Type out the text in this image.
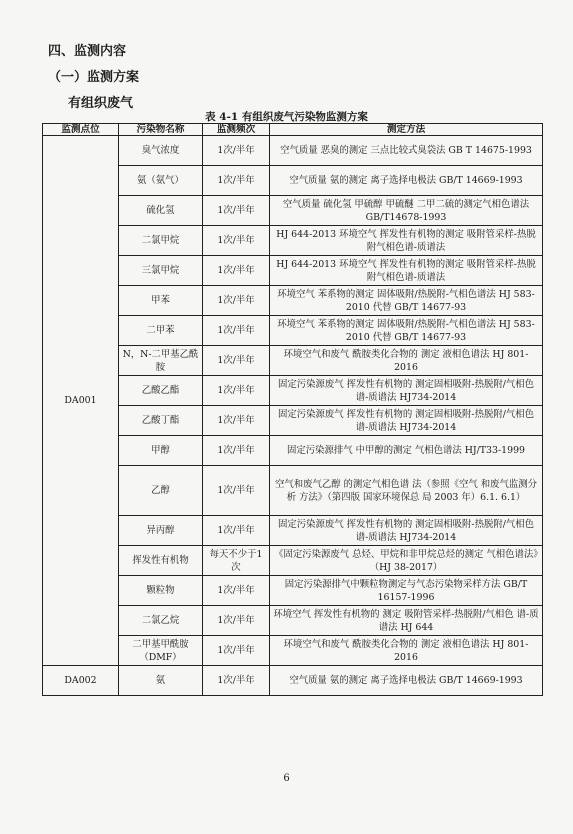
四、监测内容
（一）监测方案
有组织废气
表 4-1 有组织废气污染物监测方案
监测点位	污染物名称	监测频次	测定方法
DA001	臭气浓度	1次/半年	空气质量 恶臭的测定 三点比较式臭袋法 GB T 14675-1993
	氨（氨气）	1次/半年	空气质量 氨的测定 离子选择电极法 GB/T 14669-1993
	硫化氢	1次/半年	空气质量 硫化氢 甲硫醇 甲硫醚 二甲二硫的测定气相色谱法 GB/T14678-1993
	二氯甲烷	1次/半年	HJ 644-2013 环境空气 挥发性有机物的测定 吸附管采样-热脱附气相色谱-质谱法
	三氯甲烷	1次/半年	HJ 644-2013 环境空气 挥发性有机物的测定 吸附管采样-热脱附气相色谱-质谱法
	甲苯	1次/半年	环境空气 苯系物的测定 固体吸附/热脱附-气相色谱法 HJ 583-2010 代替 GB/T 14677-93
	二甲苯	1次/半年	环境空气 苯系物的测定 固体吸附/热脱附-气相色谱法 HJ 583-2010 代替 GB/T 14677-93
	N，N-二甲基乙酰胺	1次/半年	环境空气和废气 酰胺类化合物的 测定 液相色谱法 HJ 801-2016
	乙酸乙酯	1次/半年	固定污染源废气 挥发性有机物的 测定固相吸附-热脱附/气相色谱-质谱法 HJ734-2014
	乙酸丁酯	1次/半年	固定污染源废气 挥发性有机物的 测定固相吸附-热脱附/气相色谱-质谱法 HJ734-2014
	甲醇	1次/半年	固定污染源排气 中甲醇的测定 气相色谱法 HJ/T33-1999
	乙醇	1次/半年	空气和废气乙醇 的测定气相色谱 法（参照《空气 和废气监测分析 方法》（第四版 国家环境保总 局 2003 年）6.1. 6.1）
	异丙醇	1次/半年	固定污染源废气 挥发性有机物的 测定固相吸附-热脱附/气相色 谱-质谱法 HJ734-2014
	挥发性有机物	每天不少于1次	《固定污染源废气 总烃、甲烷和非甲烷总烃的测定 气相色谱法》（HJ 38-2017）
	颗粒物	1次/半年	固定污染源排气中颗粒物测定与气态污染物采样方法 GB/T 16157-1996
	二氯乙烷	1次/半年	环境空气 挥发性有机物的 测定 吸附管采样-热脱附/气相色 谱-质谱法 HJ 644
	二甲基甲酰胺（DMF）	1次/半年	环境空气和废气 酰胺类化合物的 测定 液相色谱法 HJ 801-2016
DA002	氨	1次/半年	空气质量 氨的测定 离子选择电极法 GB/T 14669-1993
6
